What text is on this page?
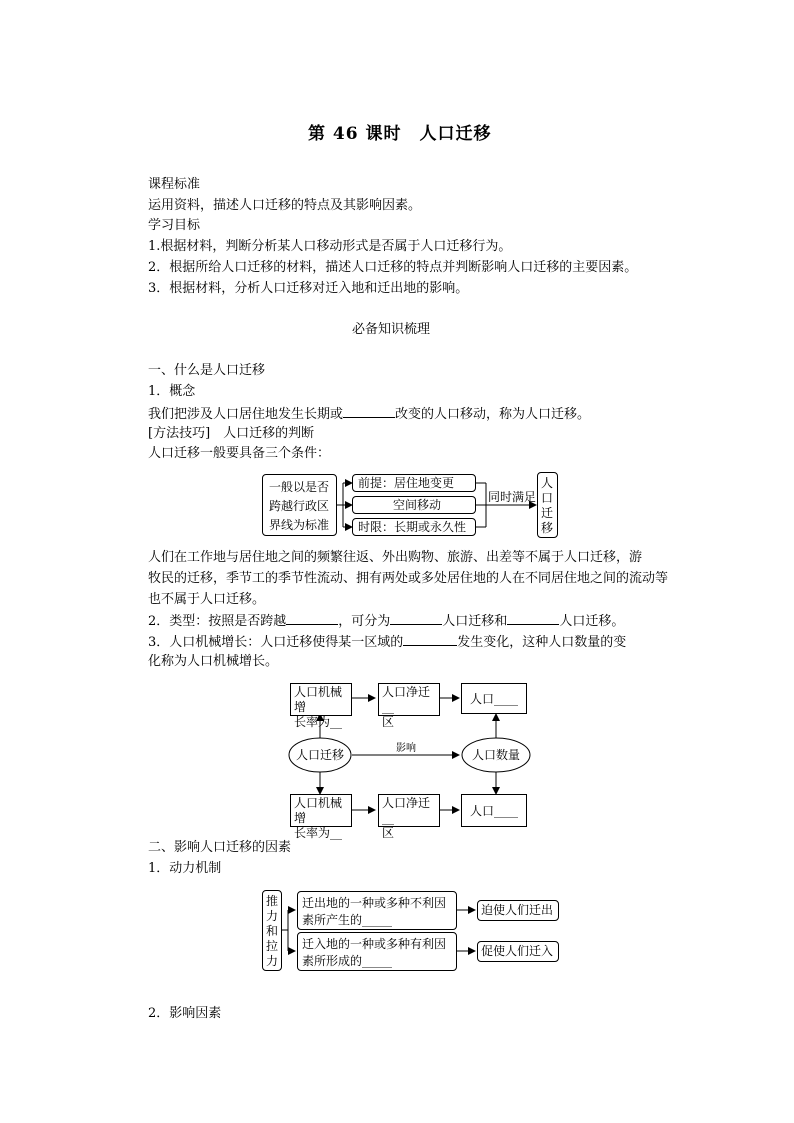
第 46 课时　人口迁移
课程标准
运用资料，描述人口迁移的特点及其影响因素。
学习目标
1.根据材料，判断分析某人口移动形式是否属于人口迁移行为。
2．根据所给人口迁移的材料，描述人口迁移的特点并判断影响人口迁移的主要因素。
3．根据材料，分析人口迁移对迁入地和迁出地的影响。
必备知识梳理
一、什么是人口迁移
1．概念
我们把涉及人口居住地发生长期或	改变的人口移动，称为人口迁移。
[方法技巧]　人口迁移的判断
人口迁移一般要具备三个条件：
一般以是否
跨越行政区
界线为标准
前提：居住地变更
空间移动
时限：长期或永久性
同时满足
人
口
迁
移
人们在工作地与居住地之间的频繁往返、外出购物、旅游、出差等不属于人口迁移，游
牧民的迁移，季节工的季节性流动、拥有两处或多处居住地的人在不同居住地之间的流动等
也不属于人口迁移。
2．类型：按照是否跨越	，可分为	人口迁移和	人口迁移。
3．人口机械增长：人口迁移使得某一区域的	发生变化，这种人口数量的变
化称为人口机械增长。
人口机械增
长率为__
人口净迁__
区
人口____
人口迁移	影响	人口数量
人口机械增
长率为__
人口净迁__
区
人口____
二、影响人口迁移的因素
1．动力机制
推
力
和
拉
力
迁出地的一种或多种不利因
素所产生的_____
迫使人们迁出
迁入地的一种或多种有利因
素所形成的_____
促使人们迁入
2．影响因素
